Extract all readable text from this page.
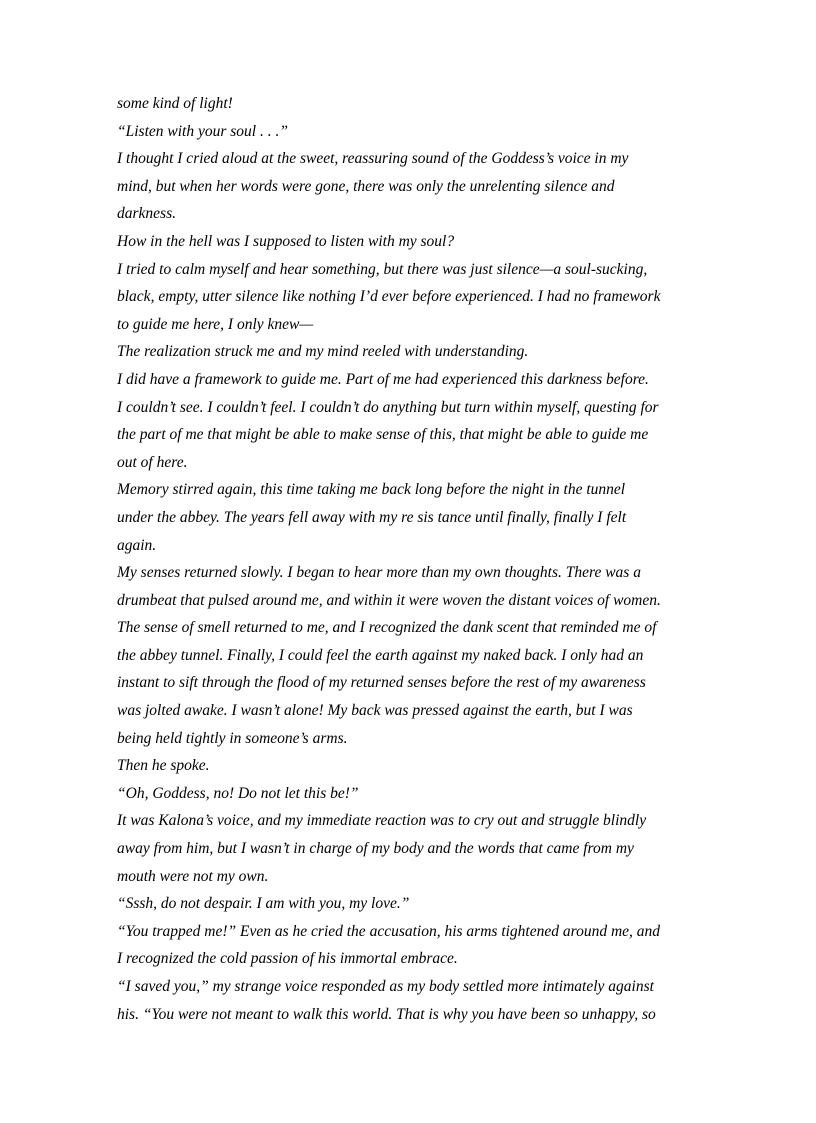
some kind of light!

“Listen with your soul . . .”

I thought I cried aloud at the sweet, reassuring sound of the Goddess’s voice in my

mind, but when her words were gone, there was only the unrelenting silence and

darkness.

How in the hell was I supposed to listen with my soul?

I tried to calm myself and hear something, but there was just silence—a soul-sucking,

black, empty, utter silence like nothing I’d ever before experienced. I had no framework

to guide me here, I only knew—

The realization struck me and my mind reeled with understanding.

I did have a framework to guide me. Part of me had experienced this darkness before.

I couldn’t see. I couldn’t feel. I couldn’t do anything but turn within myself, questing for

the part of me that might be able to make sense of this, that might be able to guide me

out of here.

Memory stirred again, this time taking me back long before the night in the tunnel

under the abbey. The years fell away with my re sis tance until finally, finally I felt

again.

My senses returned slowly. I began to hear more than my own thoughts. There was a

drumbeat that pulsed around me, and within it were woven the distant voices of women.

The sense of smell returned to me, and I recognized the dank scent that reminded me of

the abbey tunnel. Finally, I could feel the earth against my naked back. I only had an

instant to sift through the flood of my returned senses before the rest of my awareness

was jolted awake. I wasn’t alone! My back was pressed against the earth, but I was

being held tightly in someone’s arms.

Then he spoke.

“Oh, Goddess, no! Do not let this be!”

It was Kalona’s voice, and my immediate reaction was to cry out and struggle blindly

away from him, but I wasn’t in charge of my body and the words that came from my

mouth were not my own.

“Sssh, do not despair. I am with you, my love.”

“You trapped me!” Even as he cried the accusation, his arms tightened around me, and

I recognized the cold passion of his immortal embrace.

“I saved you,” my strange voice responded as my body settled more intimately against

his. “You were not meant to walk this world. That is why you have been so unhappy, so
